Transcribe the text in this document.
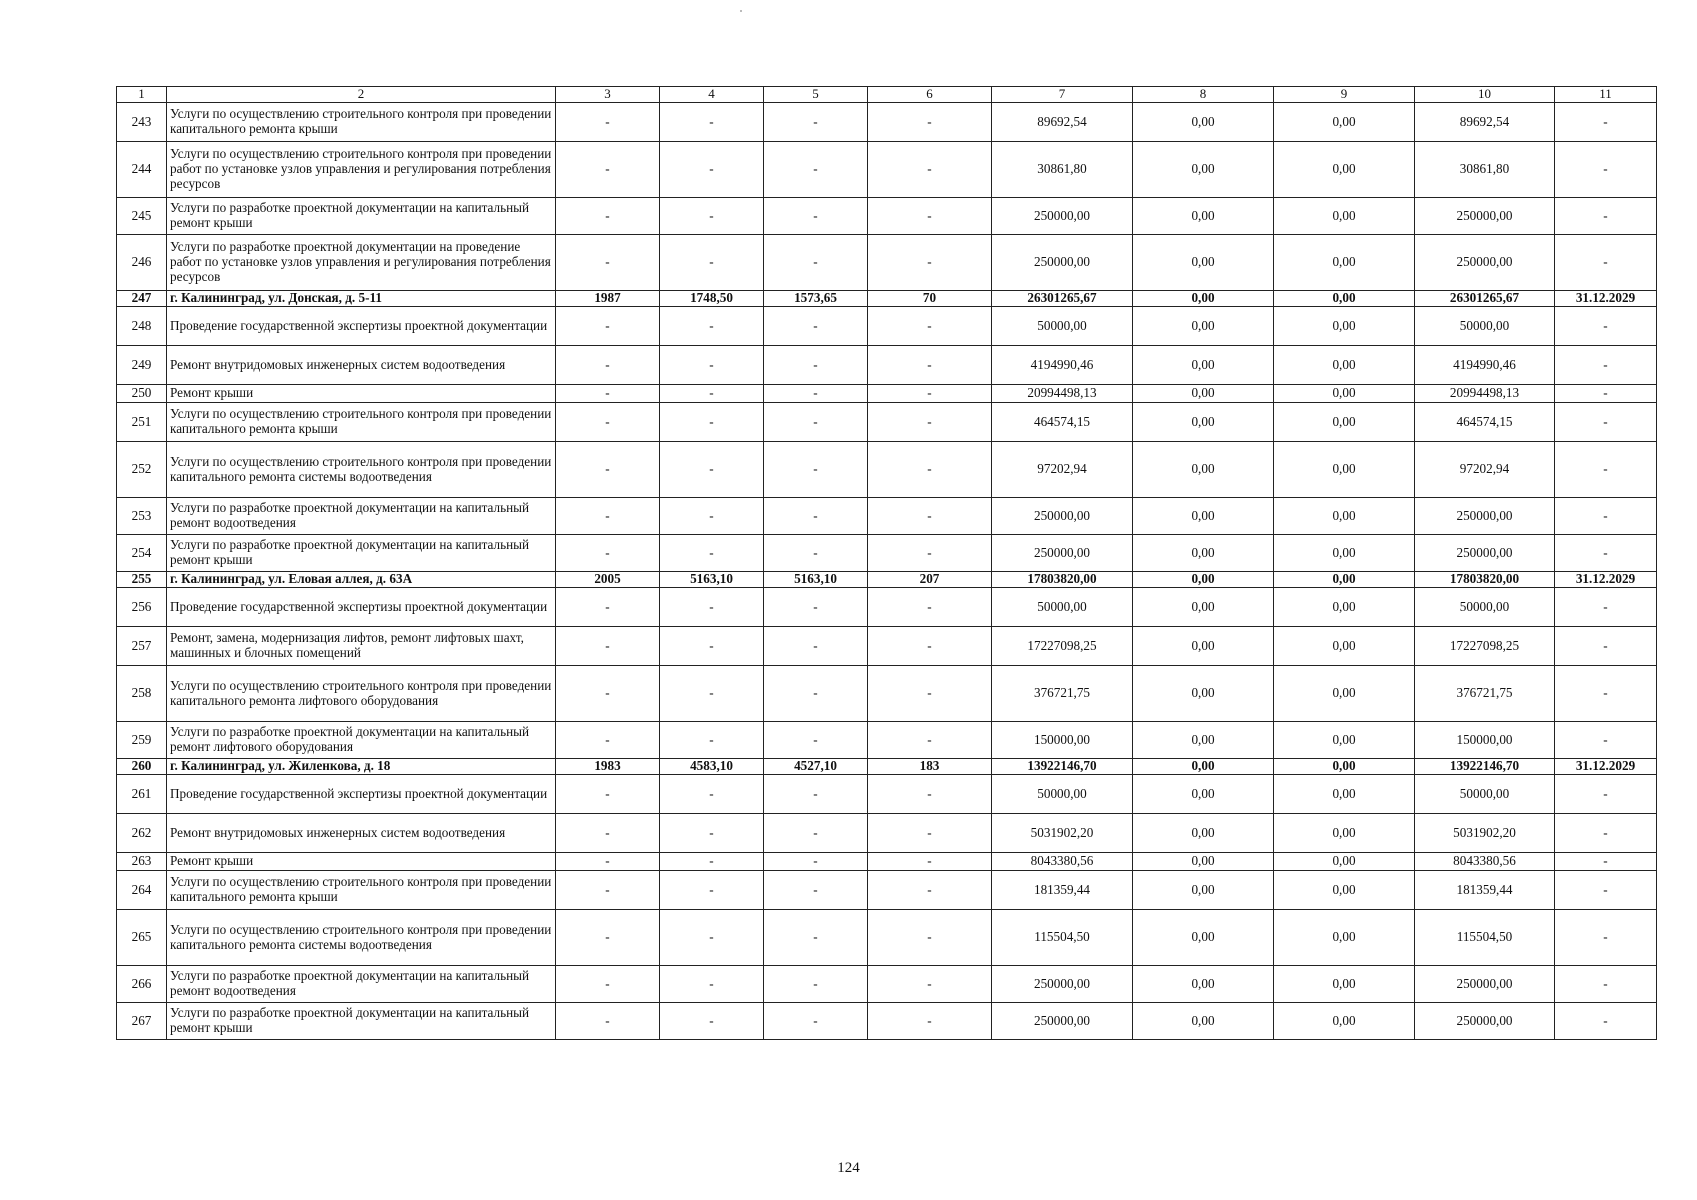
1	2	3	4	5	6	7	8	9	10	11
243	Услуги по осуществлению строительного контроля при проведении капитального ремонта крыши	-	-	-	-	89692,54	0,00	0,00	89692,54	-
244	Услуги по осуществлению строительного контроля при проведении работ по установке узлов управления и регулирования потребления ресурсов	-	-	-	-	30861,80	0,00	0,00	30861,80	-
245	Услуги по разработке проектной документации на капитальный ремонт крыши	-	-	-	-	250000,00	0,00	0,00	250000,00	-
246	Услуги по разработке проектной документации на проведение работ по установке узлов управления и регулирования потребления ресурсов	-	-	-	-	250000,00	0,00	0,00	250000,00	-
247	г. Калининград, ул. Донская, д. 5-11	1987	1748,50	1573,65	70	26301265,67	0,00	0,00	26301265,67	31.12.2029
248	Проведение государственной экспертизы проектной документации	-	-	-	-	50000,00	0,00	0,00	50000,00	-
249	Ремонт внутридомовых инженерных систем водоотведения	-	-	-	-	4194990,46	0,00	0,00	4194990,46	-
250	Ремонт крыши	-	-	-	-	20994498,13	0,00	0,00	20994498,13	-
251	Услуги по осуществлению строительного контроля при проведении капитального ремонта крыши	-	-	-	-	464574,15	0,00	0,00	464574,15	-
252	Услуги по осуществлению строительного контроля при проведении капитального ремонта системы водоотведения	-	-	-	-	97202,94	0,00	0,00	97202,94	-
253	Услуги по разработке проектной документации на капитальный ремонт водоотведения	-	-	-	-	250000,00	0,00	0,00	250000,00	-
254	Услуги по разработке проектной документации на капитальный ремонт крыши	-	-	-	-	250000,00	0,00	0,00	250000,00	-
255	г. Калининград, ул. Еловая аллея, д. 63А	2005	5163,10	5163,10	207	17803820,00	0,00	0,00	17803820,00	31.12.2029
256	Проведение государственной экспертизы проектной документации	-	-	-	-	50000,00	0,00	0,00	50000,00	-
257	Ремонт, замена, модернизация лифтов, ремонт лифтовых шахт, машинных и блочных помещений	-	-	-	-	17227098,25	0,00	0,00	17227098,25	-
258	Услуги по осуществлению строительного контроля при проведении капитального ремонта лифтового оборудования	-	-	-	-	376721,75	0,00	0,00	376721,75	-
259	Услуги по разработке проектной документации на капитальный ремонт лифтового оборудования	-	-	-	-	150000,00	0,00	0,00	150000,00	-
260	г. Калининград, ул. Жиленкова, д. 18	1983	4583,10	4527,10	183	13922146,70	0,00	0,00	13922146,70	31.12.2029
261	Проведение государственной экспертизы проектной документации	-	-	-	-	50000,00	0,00	0,00	50000,00	-
262	Ремонт внутридомовых инженерных систем водоотведения	-	-	-	-	5031902,20	0,00	0,00	5031902,20	-
263	Ремонт крыши	-	-	-	-	8043380,56	0,00	0,00	8043380,56	-
264	Услуги по осуществлению строительного контроля при проведении капитального ремонта крыши	-	-	-	-	181359,44	0,00	0,00	181359,44	-
265	Услуги по осуществлению строительного контроля при проведении капитального ремонта системы водоотведения	-	-	-	-	115504,50	0,00	0,00	115504,50	-
266	Услуги по разработке проектной документации на капитальный ремонт водоотведения	-	-	-	-	250000,00	0,00	0,00	250000,00	-
267	Услуги по разработке проектной документации на капитальный ремонт крыши	-	-	-	-	250000,00	0,00	0,00	250000,00	-
124
